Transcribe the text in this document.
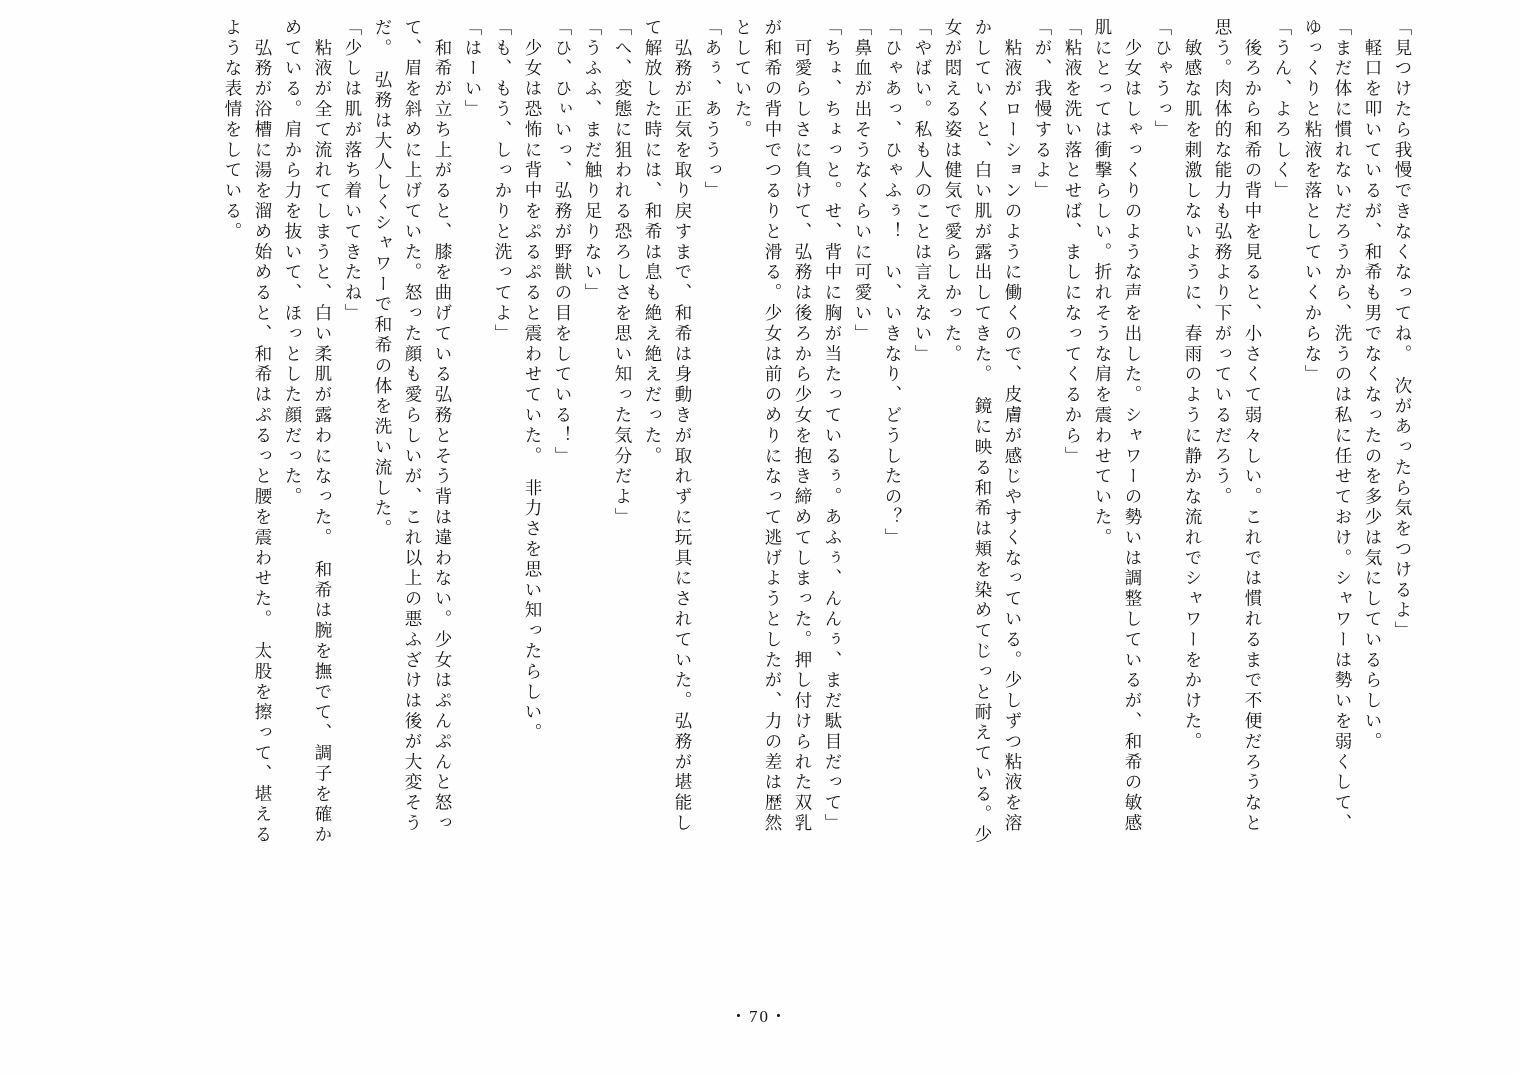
「見つけたら我慢できなくなってね。　次があったら気をつけるよ」
　軽口を叩いているが、和希も男でなくなったのを多少は気にしているらしい。
「まだ体に慣れないだろうから、洗うのは私に任せておけ。シャワーは勢いを弱くして、
ゆっくりと粘液を落としていくからな」
「うん、よろしく」
　後ろから和希の背中を見ると、小さくて弱々しい。これでは慣れるまで不便だろうなと
思う。肉体的な能力も弘務より下がっているだろう。
　敏感な肌を刺激しないように、春雨のように静かな流れでシャワーをかけた。
「ひゃうっ」
　少女はしゃっくりのような声を出した。シャワーの勢いは調整しているが、和希の敏感
肌にとっては衝撃らしい。折れそうな肩を震わせていた。
「粘液を洗い落とせば、ましになってくるから」
「が、我慢するよ」
　粘液がローションのように働くので、皮膚が感じやすくなっている。少しずつ粘液を溶
かしていくと、白い肌が露出してきた。　鏡に映る和希は頬を染めてじっと耐えている。少
女が悶える姿は健気で愛らしかった。
「やばい。私も人のことは言えない」
「ひゃあっ、ひゃふぅ！　い、いきなり、どうしたの？」
「鼻血が出そうなくらいに可愛い」
「ちょ、ちょっと。せ、背中に胸が当たっているぅ。あふぅ、んんぅ、まだ駄目だって」
　可愛らしさに負けて、弘務は後ろから少女を抱き締めてしまった。押し付けられた双乳
が和希の背中でつるりと滑る。少女は前のめりになって逃げようとしたが、力の差は歴然
としていた。
「あぅ、あううっ」
　弘務が正気を取り戻すまで、和希は身動きが取れずに玩具にされていた。弘務が堪能し
て解放した時には、和希は息も絶え絶えだった。
「へ、変態に狙われる恐ろしさを思い知った気分だよ」
「うふふ、まだ触り足りない」
「ひ、ひぃいっ、弘務が野獣の目をしている！」
　少女は恐怖に背中をぷるぷると震わせていた。　非力さを思い知ったらしい。
「も、もう、しっかりと洗ってよ」
「はーい」
　和希が立ち上がると、膝を曲げている弘務とそう背は違わない。少女はぷんぷんと怒っ
て、眉を斜めに上げていた。怒った顔も愛らしいが、これ以上の悪ふざけは後が大変そう
だ。　弘務は大人しくシャワーで和希の体を洗い流した。
「少しは肌が落ち着いてきたね」
　粘液が全て流れてしまうと、白い柔肌が露わになった。　和希は腕を撫でて、調子を確か
めている。肩から力を抜いて、ほっとした顔だった。
　弘務が浴槽に湯を溜め始めると、和希はぷるっと腰を震わせた。　太股を擦って、堪える
ような表情をしている。
・70・
